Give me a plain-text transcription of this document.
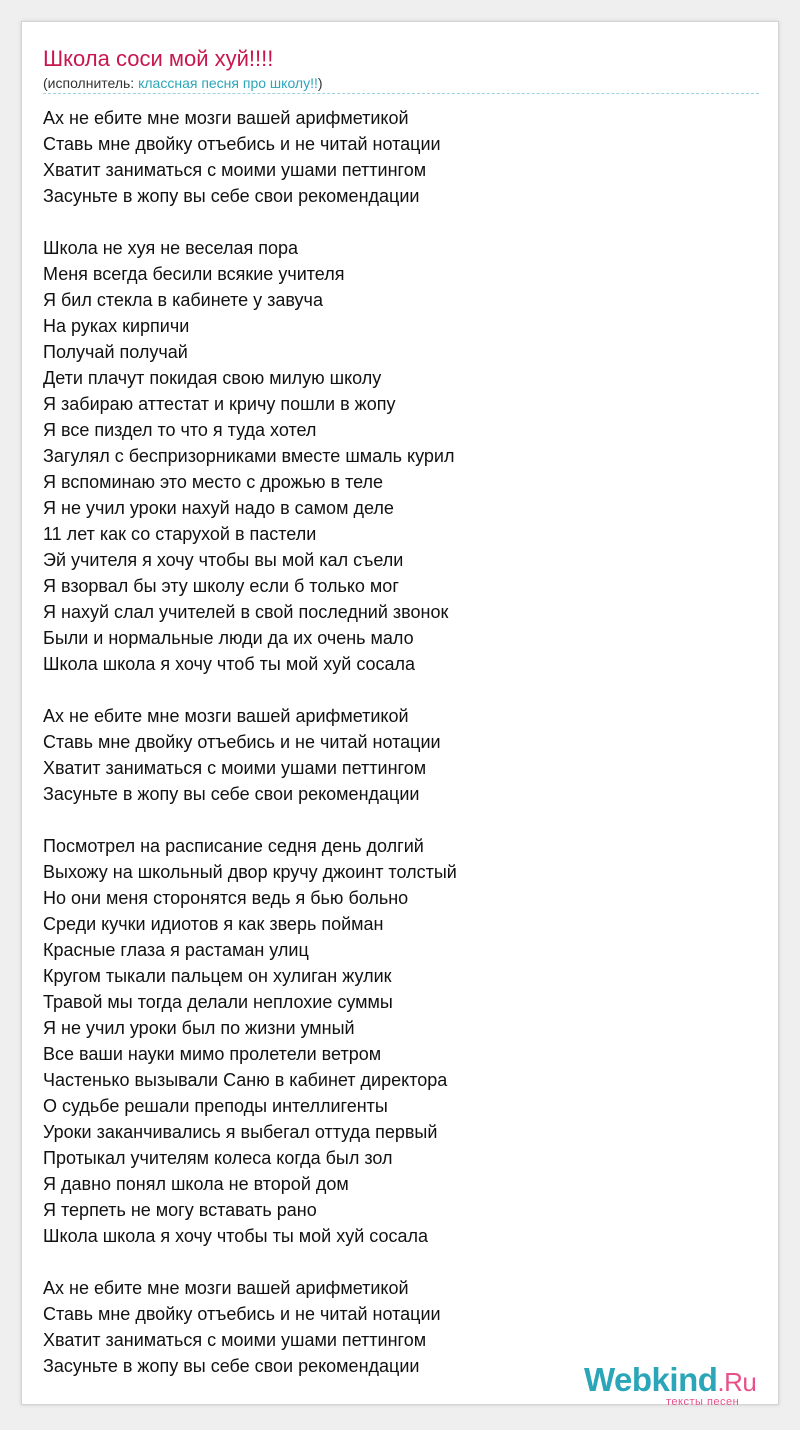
Школа соси мой хуй!!!!
(исполнитель: классная песня про школу!!)
Ах не ебите мне мозги вашей арифметикой
Ставь мне двойку отъебись и не читай нотации
Хватит заниматься с моими ушами петтингом
Засуньте в жопу вы себе свои рекомендации
Школа не хуя не веселая пора
Меня всегда бесили всякие учителя
Я бил стекла в кабинете у завуча
На руках кирпичи
Получай получай
Дети плачут покидая свою милую школу
Я забираю аттестат и кричу пошли в жопу
Я все пиздел то что я туда хотел
Загулял с беспризорниками вместе шмаль курил
Я вспоминаю это место с дрожью в теле
Я не учил уроки нахуй надо в самом деле
11 лет как со старухой в пастели
Эй учителя я хочу чтобы вы мой кал съели
Я взорвал бы эту школу если б только мог
Я нахуй слал учителей в свой последний звонок
Были и нормальные люди да их очень мало
Школа школа я хочу чтоб ты мой хуй сосала
Ах не ебите мне мозги вашей арифметикой
Ставь мне двойку отъебись и не читай нотации
Хватит заниматься с моими ушами петтингом
Засуньте в жопу вы себе свои рекомендации
Посмотрел на расписание седня день долгий
Выхожу на школьный двор кручу джоинт толстый
Но они меня сторонятся ведь я бью больно
Среди кучки идиотов я как зверь пойман
Красные глаза я растаман улиц
Кругом тыкали пальцем он хулиган жулик
Травой мы тогда делали неплохие суммы
Я не учил уроки был по жизни умный
Все ваши науки мимо пролетели ветром
Частенько вызывали Саню в кабинет директора
О судьбе решали преподы интеллигенты
Уроки заканчивались я выбегал оттуда первый
Протыкал учителям колеса когда был зол
Я давно понял школа не второй дом
Я терпеть не могу вставать рано
Школа школа я хочу чтобы ты мой хуй сосала
Ах не ебите мне мозги вашей арифметикой
Ставь мне двойку отъебись и не читай нотации
Хватит заниматься с моими ушами петтингом
Засуньте в жопу вы себе свои рекомендации	Webkind.Ru
тексты песен
